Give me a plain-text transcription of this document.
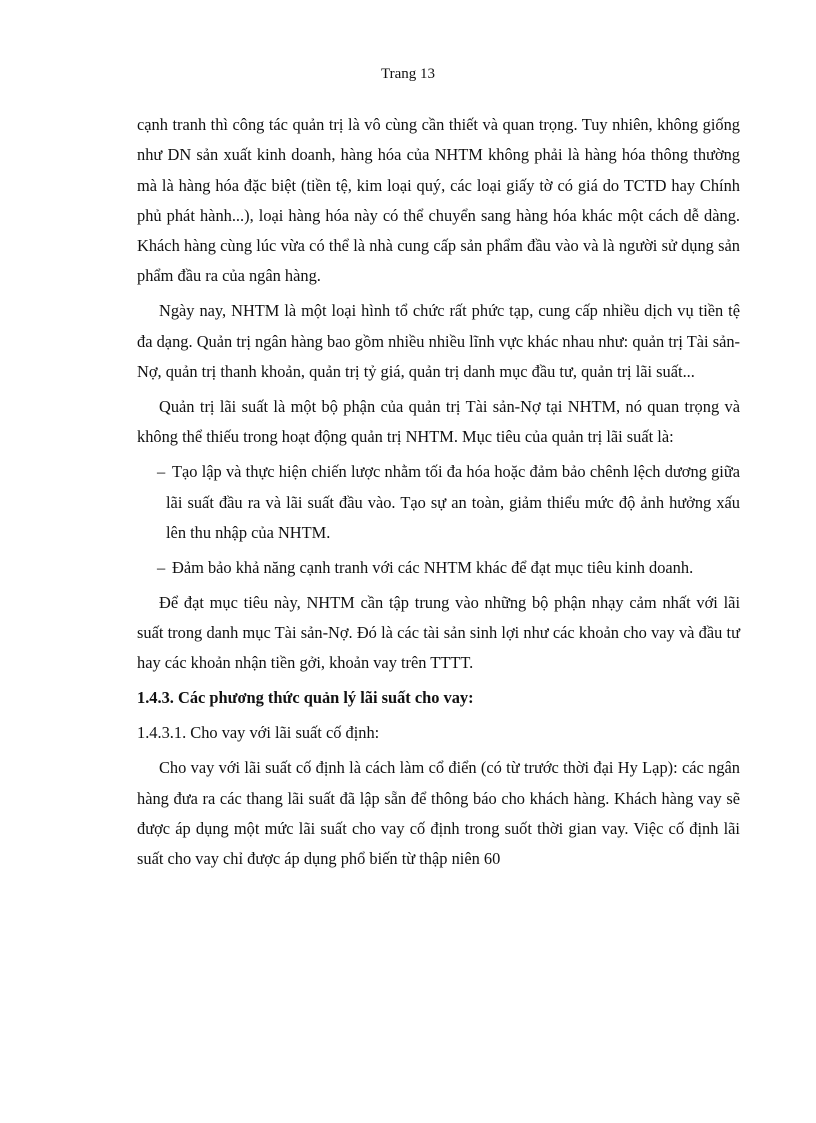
Trang 13

cạnh tranh thì công tác quản trị là vô cùng cần thiết và quan trọng. Tuy nhiên, không giống như DN sản xuất kinh doanh, hàng hóa của NHTM không phải là hàng hóa thông thường mà là hàng hóa đặc biệt (tiền tệ, kim loại quý, các loại giấy tờ có giá do TCTD hay Chính phủ phát hành...), loại hàng hóa này có thể chuyển sang hàng hóa khác một cách dễ dàng. Khách hàng cùng lúc vừa có thể là nhà cung cấp sản phẩm đầu vào và là người sử dụng sản phẩm đầu ra của ngân hàng.

Ngày nay, NHTM là một loại hình tổ chức rất phức tạp, cung cấp nhiều dịch vụ tiền tệ đa dạng. Quản trị ngân hàng bao gồm nhiều nhiều lĩnh vực khác nhau như: quản trị Tài sản-Nợ, quản trị thanh khoản, quản trị tỷ giá, quản trị danh mục đầu tư, quản trị lãi suất...

Quản trị lãi suất là một bộ phận của quản trị Tài sản-Nợ tại NHTM, nó quan trọng và không thể thiếu trong hoạt động quản trị NHTM. Mục tiêu của quản trị lãi suất là:

– Tạo lập và thực hiện chiến lược nhằm tối đa hóa hoặc đảm bảo chênh lệch dương giữa lãi suất đầu ra và lãi suất đầu vào. Tạo sự an toàn, giảm thiểu mức độ ảnh hưởng xấu lên thu nhập của NHTM.
– Đảm bảo khả năng cạnh tranh với các NHTM khác để đạt mục tiêu kinh doanh.

Để đạt mục tiêu này, NHTM cần tập trung vào những bộ phận nhạy cảm nhất với lãi suất trong danh mục Tài sản-Nợ. Đó là các tài sản sinh lợi như các khoản cho vay và đầu tư hay các khoản nhận tiền gởi, khoản vay trên TTTT.

1.4.3. Các phương thức quản lý lãi suất cho vay:

1.4.3.1. Cho vay với lãi suất cố định:

Cho vay với lãi suất cố định là cách làm cổ điển (có từ trước thời đại Hy Lạp): các ngân hàng đưa ra các thang lãi suất đã lập sẵn để thông báo cho khách hàng. Khách hàng vay sẽ được áp dụng một mức lãi suất cho vay cố định trong suốt thời gian vay. Việc cố định lãi suất cho vay chỉ được áp dụng phổ biến từ thập niên 60
